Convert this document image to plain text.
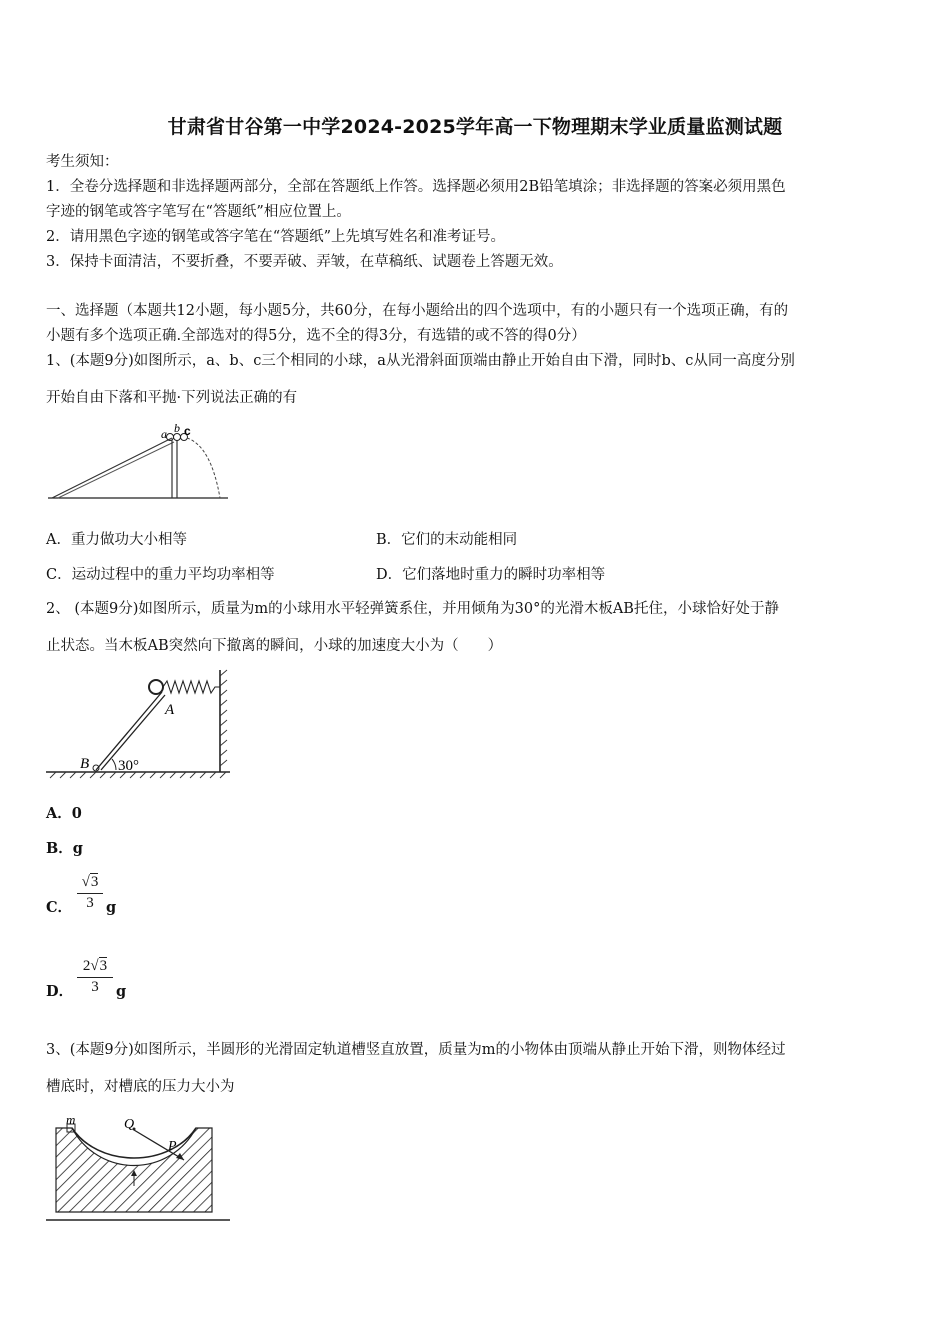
甘肃省甘谷第一中学2024-2025学年高一下物理期末学业质量监测试题
考生须知：
1．全卷分选择题和非选择题两部分，全部在答题纸上作答。选择题必须用2B铅笔填涂；非选择题的答案必须用黑色
字迹的钢笔或答字笔写在“答题纸”相应位置上。
2．请用黑色字迹的钢笔或答字笔在“答题纸”上先填写姓名和准考证号。
3．保持卡面清洁，不要折叠，不要弄破、弄皱，在草稿纸、试题卷上答题无效。
一、选择题（本题共12小题，每小题5分，共60分，在每小题给出的四个选项中，有的小题只有一个选项正确，有的
小题有多个选项正确.全部选对的得5分，选不全的得3分，有选错的或不答的得0分）
1、(本题9分)如图所示，a、b、c三个相同的小球，a从光滑斜面顶端由静止开始自由下滑，同时b、c从同一高度分别
开始自由下落和平抛·下列说法正确的有
a b c
A．重力做功大小相等	B．它们的末动能相同
C．运动过程中的重力平均功率相等	D．它们落地时重力的瞬时功率相等
2、 (本题9分)如图所示，质量为m的小球用水平轻弹簧系住，并用倾角为30°的光滑木板AB托住，小球恰好处于静
止状态。当木板AB突然向下撤离的瞬间，小球的加速度大小为（　　）
A
B 30°
A．0
B．g
C．
√3
3 g
D．
2√3
3	g
3、(本题9分)如图所示，半圆形的光滑固定轨道槽竖直放置，质量为m的小物体由顶端从静止开始下滑，则物体经过
槽底时，对槽底的压力大小为
m	Q
P
